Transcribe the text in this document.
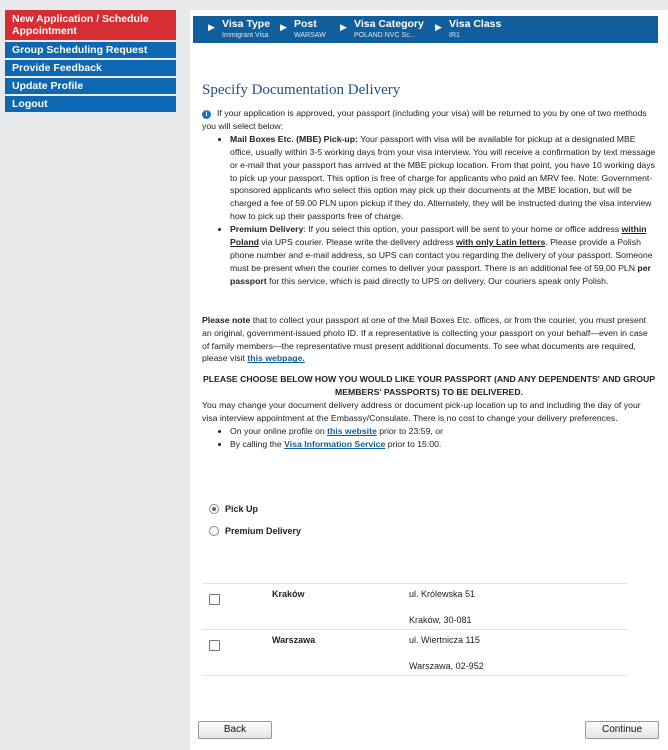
New Application / Schedule Appointment
Group Scheduling Request
Provide Feedback
Update Profile
Logout
▶ Visa Type
Immigrant Visa
▶ Post
WARSAW
▶ Visa Category
POLAND NVC Sc...
▶ Visa Class
IR1
Specify Documentation Delivery
i If your application is approved, your passport (including your visa) will be returned to you by one of two methods you will select below:
• Mail Boxes Etc. (MBE) Pick-up: Your passport with visa will be available for pickup at a designated MBE office, usually within 3-5 working days from your visa interview. You will receive a confirmation by text message or e-mail that your passport has arrived at the MBE pickup location. From that point, you have 10 working days to pick up your passport. This option is free of charge for applicants who paid an MRV fee. Note: Government-sponsored applicants who select this option may pick up their documents at the MBE location, but will be charged a fee of 59.00 PLN upon pickup if they do. Alternately, they will be instructed during the visa interview how to pick up their passports free of charge.
• Premium Delivery: If you select this option, your passport will be sent to your home or office address within Poland via UPS courier. Please write the delivery address with only Latin letters. Please provide a Polish phone number and e-mail address, so UPS can contact you regarding the delivery of your passport. Someone must be present when the courier comes to deliver your passport. There is an additional fee of 59.00 PLN per passport for this service, which is paid directly to UPS on delivery. Our couriers speak only Polish.
Please note that to collect your passport at one of the Mail Boxes Etc. offices, or from the courier, you must present an original, government-issued photo ID. If a representative is collecting your passport on your behalf—even in case of family members—the representative must present additional documents. To see what documents are required, please visit this webpage.
PLEASE CHOOSE BELOW HOW YOU WOULD LIKE YOUR PASSPORT (AND ANY DEPENDENTS' AND GROUP MEMBERS' PASSPORTS) TO BE DELIVERED.
You may change your document delivery address or document pick-up location up to and including the day of your visa interview appointment at the Embassy/Consulate. There is no cost to change your delivery preferences.
• On your online profile on this website prior to 23:59, or
• By calling the Visa Information Service prior to 15:00.
Pick Up
Premium Delivery
Kraków	ul. Królewska 51
Kraków, 30-081
Warszawa	ul. Wiertnicza 115
Warszawa, 02-952
Back	Continue
